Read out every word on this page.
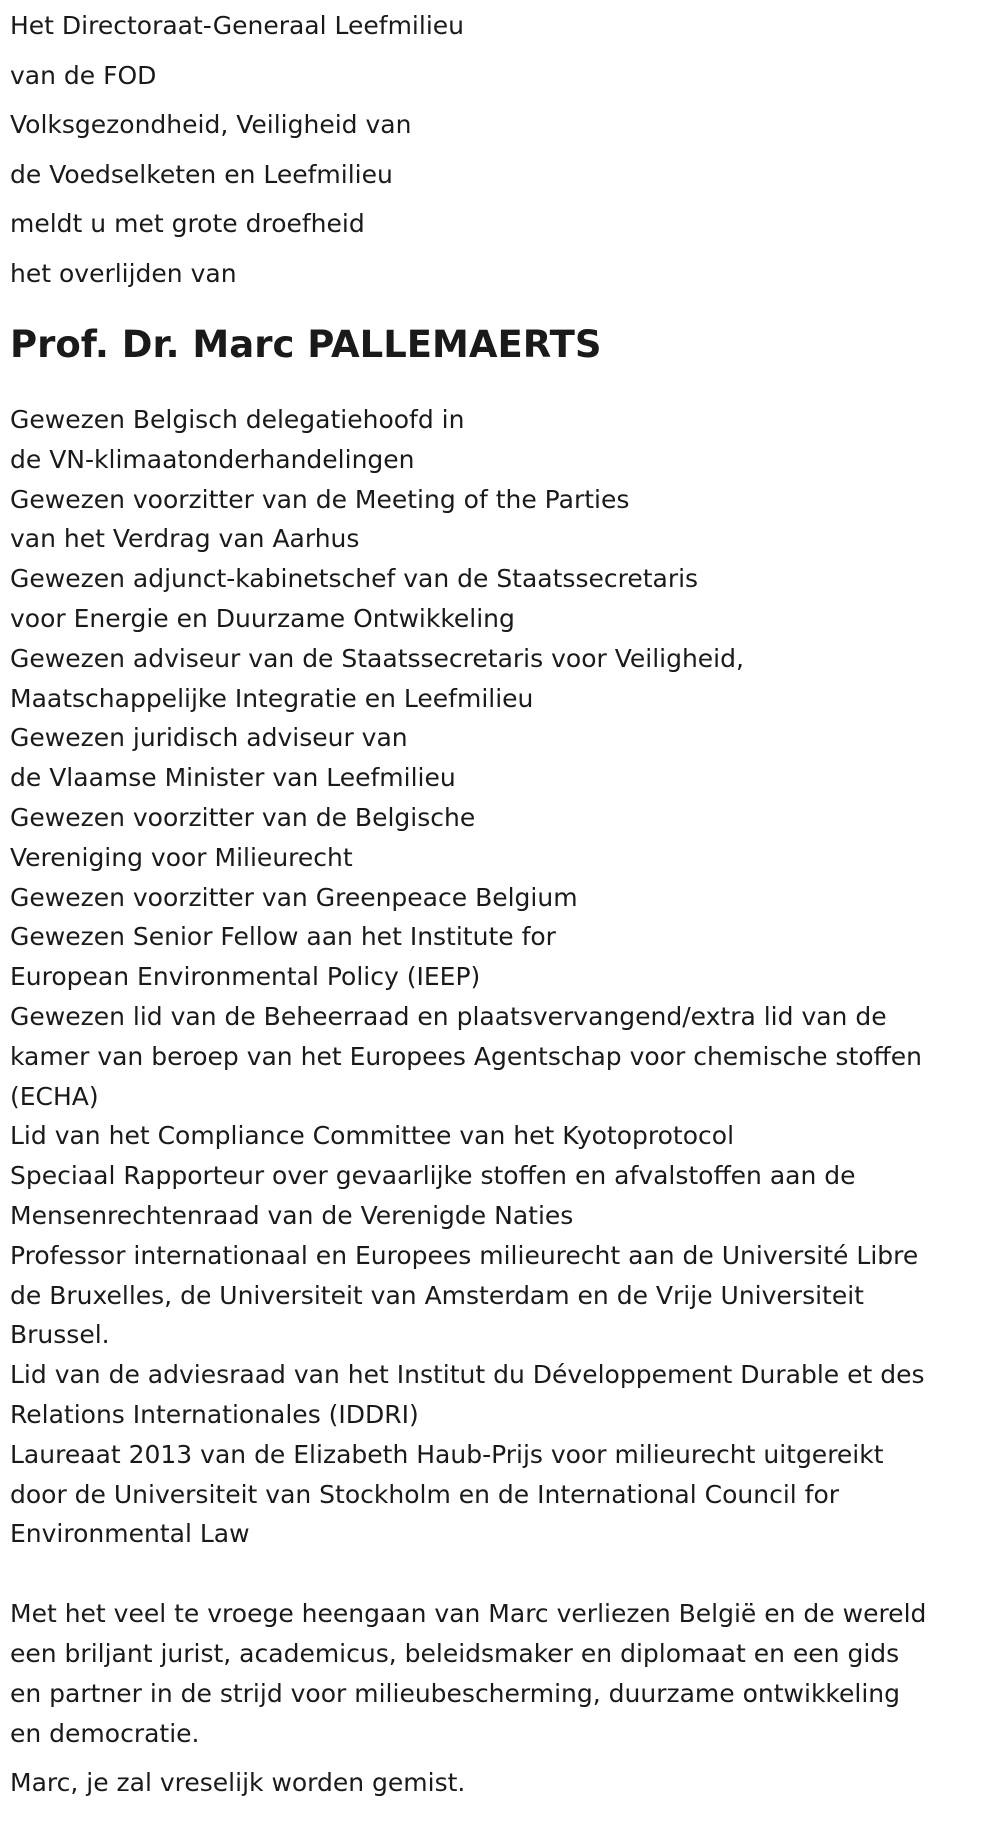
Het Directoraat-Generaal Leefmilieu
van de FOD
Volksgezondheid, Veiligheid van
de Voedselketen en Leefmilieu
meldt u met grote droefheid
het overlijden van
Prof. Dr. Marc PALLEMAERTS
Gewezen Belgisch delegatiehoofd in
de VN-klimaatonderhandelingen
Gewezen voorzitter van de Meeting of the Parties
van het Verdrag van Aarhus
Gewezen adjunct-kabinetschef van de Staatssecretaris
voor Energie en Duurzame Ontwikkeling
Gewezen adviseur van de Staatssecretaris voor Veiligheid,
Maatschappelijke Integratie en Leefmilieu
Gewezen juridisch adviseur van
de Vlaamse Minister van Leefmilieu
Gewezen voorzitter van de Belgische
Vereniging voor Milieurecht
Gewezen voorzitter van Greenpeace Belgium
Gewezen Senior Fellow aan het Institute for
European Environmental Policy (IEEP)
Gewezen lid van de Beheerraad en plaatsvervangend/extra lid van de
kamer van beroep van het Europees Agentschap voor chemische stoffen
(ECHA)
Lid van het Compliance Committee van het Kyotoprotocol
Speciaal Rapporteur over gevaarlijke stoffen en afvalstoffen aan de
Mensenrechtenraad van de Verenigde Naties
Professor internationaal en Europees milieurecht aan de Université Libre
de Bruxelles, de Universiteit van Amsterdam en de Vrije Universiteit
Brussel.
Lid van de adviesraad van het Institut du Développement Durable et des
Relations Internationales (IDDRI)
Laureaat 2013 van de Elizabeth Haub-Prijs voor milieurecht uitgereikt
door de Universiteit van Stockholm en de International Council for
Environmental Law
Met het veel te vroege heengaan van Marc verliezen België en de wereld
een briljant jurist, academicus, beleidsmaker en diplomaat en een gids
en partner in de strijd voor milieubescherming, duurzame ontwikkeling
en democratie.
Marc, je zal vreselijk worden gemist.
